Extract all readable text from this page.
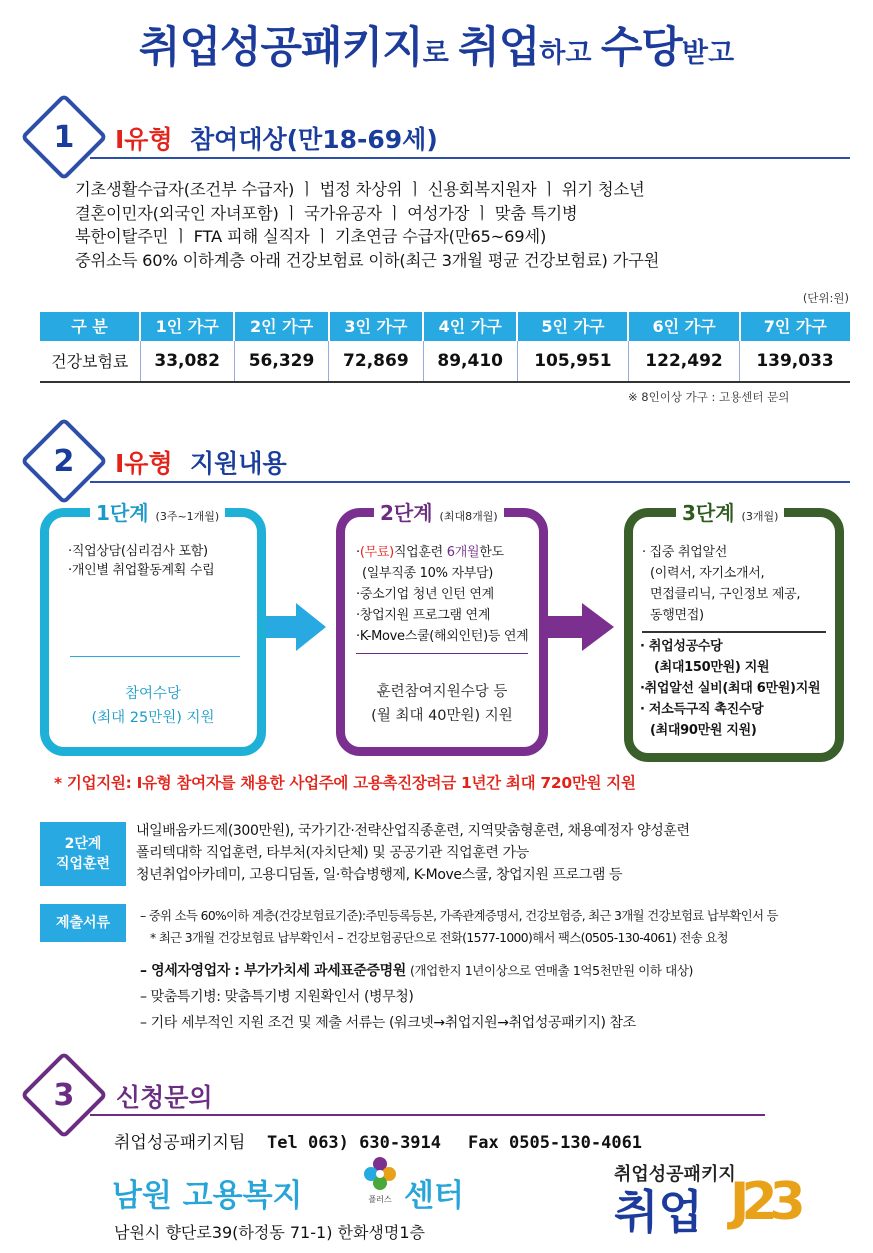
취업성공패키지로 취업하고 수당받고
1 Ⅰ유형 참여대상(만18-69세)
기초생활수급자(조건부 수급자) ㅣ 법정 차상위 ㅣ 신용회복지원자 ㅣ 위기 청소년
결혼이민자(외국인 자녀포함) ㅣ 국가유공자 ㅣ 여성가장 ㅣ 맞춤 특기병
북한이탈주민 ㅣ FTA 피해 실직자 ㅣ 기초연금 수급자(만65~69세)
중위소득 60% 이하계층 아래 건강보험료 이하(최근 3개월 평균 건강보험료) 가구원
(단위:원)
구 분	1인 가구	2인 가구	3인 가구	4인 가구	5인 가구	6인 가구	7인 가구
건강보험료	33,082	56,329	72,869	89,410	105,951	122,492	139,033
※ 8인이상 가구 : 고용센터 문의
2 Ⅰ유형 지원내용
1단계 (3주~1개월)
·직업상담(심리검사 포함)
·개인별 취업활동계획 수립
참여수당
(최대 25만원) 지원
2단계 (최대8개월)
·(무료)직업훈련 6개월한도
(일부직종 10% 자부담)
·중소기업 청년 인턴 연계
·창업지원 프로그램 연계
·K-Move스쿨(해외인턴)등 연계
훈련참여지원수당 등
(월 최대 40만원) 지원
3단계 (3개월)
· 집중 취업알선
(이력서, 자기소개서,
면접클리닉, 구인정보 제공,
동행면접)
· 취업성공수당
(최대150만원) 지원
·취업알선 실비(최대 6만원)지원
· 저소득구직 촉진수당
(최대90만원 지원)
* 기업지원: Ⅰ유형 참여자를 채용한 사업주에 고용촉진장려금 1년간 최대 720만원 지원
2단계
직업훈련
내일배움카드제(300만원), 국가기간·전략산업직종훈련, 지역맞춤형훈련, 채용예정자 양성훈련
폴리텍대학 직업훈련, 타부처(자치단체) 및 공공기관 직업훈련 가능
청년취업아카데미, 고용디딤돌, 일·학습병행제, K-Move스쿨, 창업지원 프로그램 등
제출서류	– 중위 소득 60%이하 계층(건강보험료기준):주민등록등본, 가족관계증명서, 건강보험증, 최근 3개월 건강보험료 납부확인서 등
* 최근 3개월 건강보험료 납부확인서 – 건강보험공단으로 전화(1577-1000)해서 팩스(0505-130-4061) 전송 요청
– 영세자영업자 : 부가가치세 과세표준증명원 (개업한지 1년이상으로 연매출 1억5천만원 이하 대상)
– 맞춤특기병: 맞춤특기병 지원확인서 (병무청)
– 기타 세부적인 지원 조건 및 제출 서류는 (워크넷→취업지원→취업성공패키지) 참조
3 신청문의
취업성공패키지팀 Tel 063) 630-3914 Fax 0505-130-4061
남원 고용복지	플러스 센터
남원시 향단로39(하정동 71-1) 한화생명1층
취업성공패키지
취업 J23
